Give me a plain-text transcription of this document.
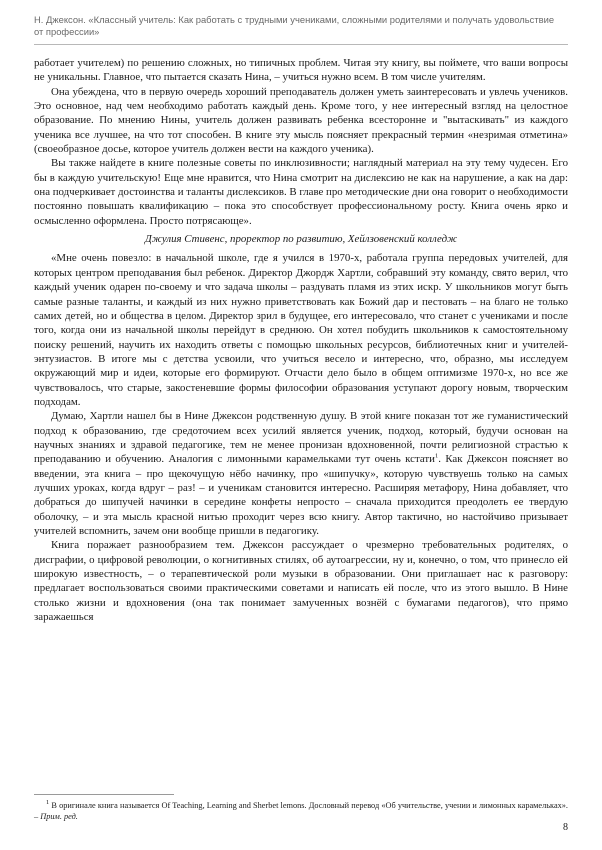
Н. Джексон. «Классный учитель: Как работать с трудными учениками, сложными родителями и получать удовольствие от профессии»

работает учителем) по решению сложных, но типичных проблем. Читая эту книгу, вы поймете, что ваши вопросы не уникальны. Главное, что пытается сказать Нина, – учиться нужно всем. В том числе учителям.

Она убеждена, что в первую очередь хороший преподаватель должен уметь заинтересовать и увлечь учеников. Это основное, над чем необходимо работать каждый день. Кроме того, у нее интересный взгляд на целостное образование. По мнению Нины, учитель должен развивать ребенка всесторонне и "вытаскивать" из каждого ученика все лучшее, на что тот способен. В книге эту мысль поясняет прекрасный термин «незримая отметина» (своеобразное досье, которое учитель должен вести на каждого ученика).

Вы также найдете в книге полезные советы по инклюзивности; наглядный материал на эту тему чудесен. Его бы в каждую учительскую! Еще мне нравится, что Нина смотрит на дислексию не как на нарушение, а как на дар: она подчеркивает достоинства и таланты дислексиков. В главе про методические дни она говорит о необходимости постоянно повышать квалификацию – пока это способствует профессиональному росту. Книга очень ярко и осмысленно оформлена. Просто потрясающе».

Джулия Стивенс, проректор по развитию, Хейлзовенский колледж

«Мне очень повезло: в начальной школе, где я учился в 1970-х, работала группа передовых учителей, для которых центром преподавания был ребенок. Директор Джордж Хартли, собравший эту команду, свято верил, что каждый ученик одарен по-своему и что задача школы – раздувать пламя из этих искр. У школьников могут быть самые разные таланты, и каждый из них нужно приветствовать как Божий дар и пестовать – на благо не только самих детей, но и общества в целом. Директор зрил в будущее, его интересовало, что станет с учениками и после того, когда они из начальной школы перейдут в среднюю. Он хотел побудить школьников к самостоятельному поиску решений, научить их находить ответы с помощью школьных ресурсов, библиотечных книг и учителей-энтузиастов. В итоге мы с детства усвоили, что учиться весело и интересно, что, образно, мы исследуем окружающий мир и идеи, которые его формируют. Отчасти дело было в общем оптимизме 1970-х, но все же чувствовалось, что старые, закостеневшие формы философии образования уступают дорогу новым, творческим подходам.

Думаю, Хартли нашел бы в Нине Джексон родственную душу. В этой книге показан тот же гуманистический подход к образованию, где средоточием всех усилий является ученик, подход, который, будучи основан на научных знаниях и здравой педагогике, тем не менее пронизан вдохновенной, почти религиозной страстью к преподаванию и обучению. Аналогия с лимонными карамельками тут очень кстати$^1$. Как Джексон поясняет во введении, эта книга – про щекочущую нёбо начинку, про «шипучку», которую чувствуешь только на самых лучших уроках, когда вдруг – раз! – и ученикам становится интересно. Расширяя метафору, Нина добавляет, что добраться до шипучей начинки в середине конфеты непросто – сначала приходится преодолеть ее твердую оболочку, – и эта мысль красной нитью проходит через всю книгу. Автор тактично, но настойчиво призывает учителей вспомнить, зачем они вообще пришли в педагогику.

Книга поражает разнообразием тем. Джексон рассуждает о чрезмерно требовательных родителях, о дисграфии, о цифровой революции, о когнитивных стилях, об аутоагрессии, ну и, конечно, о том, что принесло ей широкую известность, – о терапевтической роли музыки в образовании. Они приглашает нас к разговору: предлагает воспользоваться своими практическими советами и написать ей после, что из этого вышло. В Нине столько жизни и вдохновения (она так понимает замученных вознёй с бумагами педагогов), что прямо заражаешься

$^1$ В оригинале книга называется Of Teaching, Learning and Sherbet lemons. Дословный перевод «Об учительстве, учении и лимонных карамельках». – Прим. ред.
8
